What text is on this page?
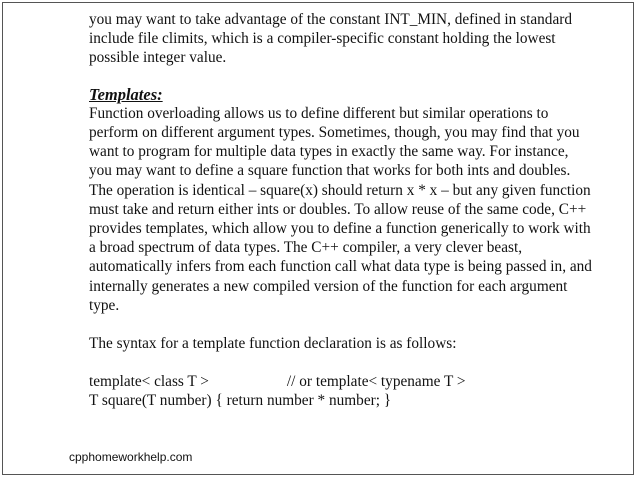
you may want to take advantage of the constant INT_MIN, defined in standard
include file climits, which is a compiler-specific constant holding the lowest
possible integer value.

Templates:

Function overloading allows us to define different but similar operations to
perform on different argument types. Sometimes, though, you may find that you
want to program for multiple data types in exactly the same way. For instance,
you may want to define a square function that works for both ints and doubles.
The operation is identical – square(x) should return x * x – but any given function
must take and return either ints or doubles. To allow reuse of the same code, C++
provides templates, which allow you to define a function generically to work with
a broad spectrum of data types. The C++ compiler, a very clever beast,
automatically infers from each function call what data type is being passed in, and
internally generates a new compiled version of the function for each argument
type.

The syntax for a template function declaration is as follows:
template< class T >	// or template< typename T >
T square(T number) { return number * number; }
cpphomeworkhelp.com
